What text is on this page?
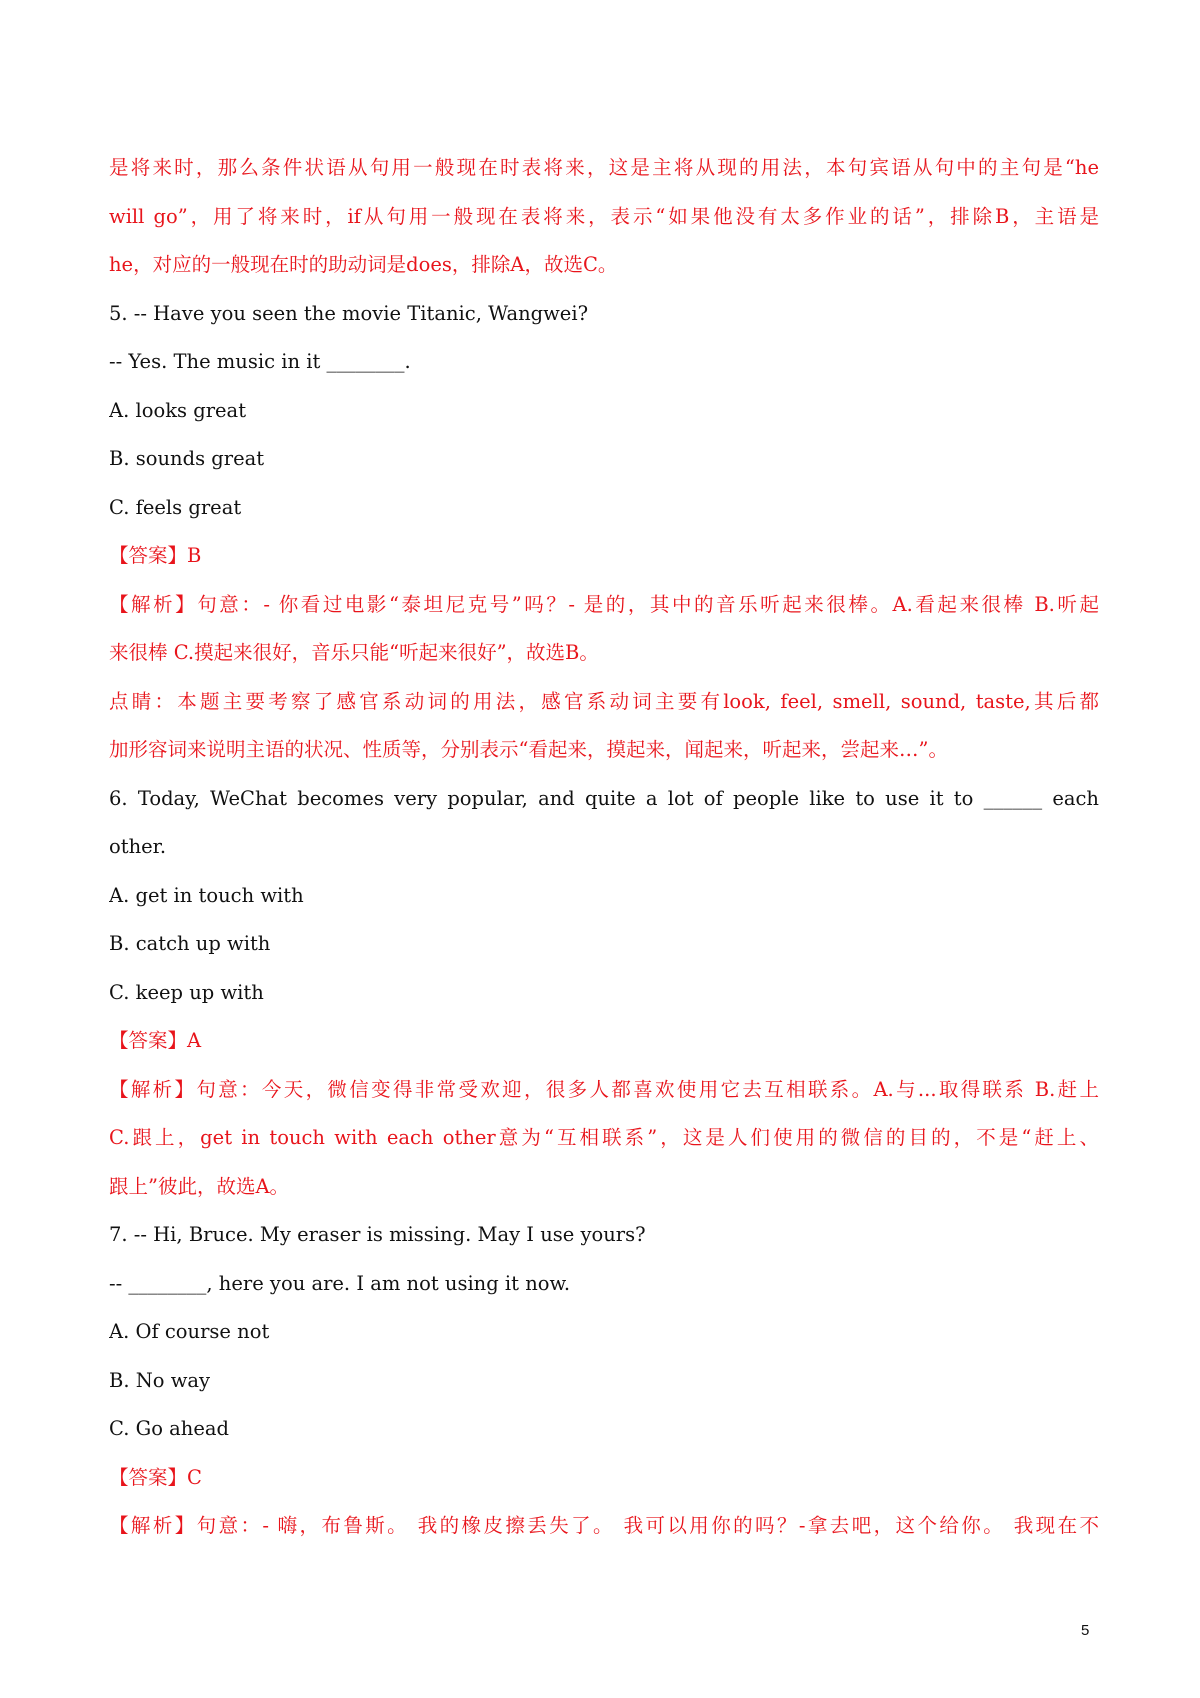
是将来时，那么条件状语从句用一般现在时表将来，这是主将从现的用法，本句宾语从句中的主句是“he
will go”，用了将来时，if从句用一般现在表将来，表示“如果他没有太多作业的话”，排除B，主语是
he，对应的一般现在时的助动词是does，排除A，故选C。
5. -- Have you seen the movie Titanic, Wangwei?
-- Yes. The music in it ________.
A. looks great
B. sounds great
C. feels great
【答案】B
【解析】句意：- 你看过电影“泰坦尼克号”吗？- 是的，其中的音乐听起来很棒。A.看起来很棒 B.听起
来很棒 C.摸起来很好，音乐只能“听起来很好”，故选B。
点睛：本题主要考察了感官系动词的用法，感官系动词主要有look, feel, smell, sound, taste,其后都
加形容词来说明主语的状况、性质等，分别表示“看起来，摸起来，闻起来，听起来，尝起来…”。
6. Today, WeChat becomes very popular, and quite a lot of people like to use it to ______ each
other.
A. get in touch with
B. catch up with
C. keep up with
【答案】A
【解析】句意：今天，微信变得非常受欢迎，很多人都喜欢使用它去互相联系。A.与...取得联系 B.赶上
C.跟上，get in touch with each other意为“互相联系”，这是人们使用的微信的目的，不是“赶上、
跟上”彼此，故选A。
7. -- Hi, Bruce. My eraser is missing. May I use yours?
-- ________, here you are. I am not using it now.
A. Of course not
B. No way
C. Go ahead
【答案】C
【解析】句意：- 嗨，布鲁斯。 我的橡皮擦丢失了。 我可以用你的吗？-拿去吧，这个给你。 我现在不
5
